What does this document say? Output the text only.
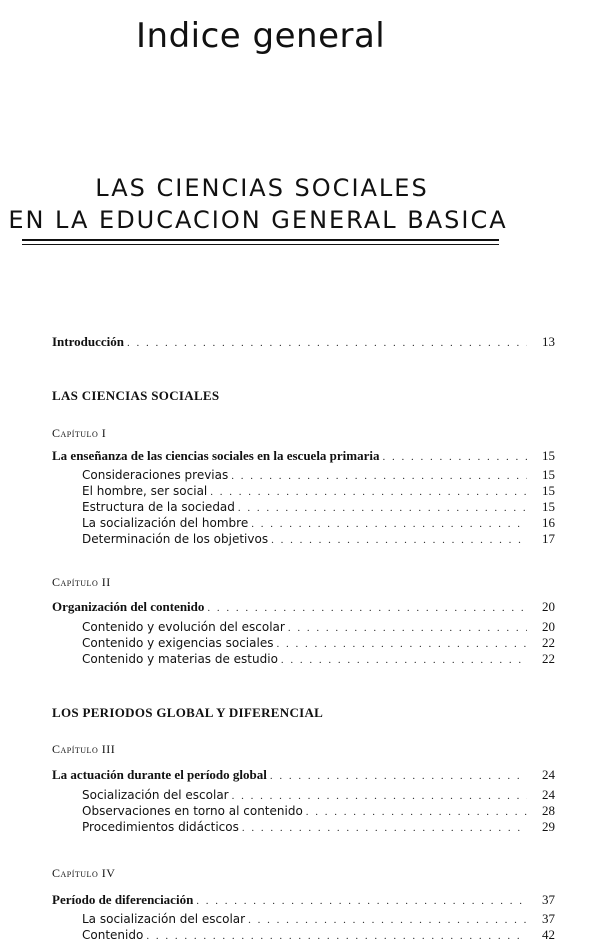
Indice general
LAS CIENCIAS SOCIALES
EN LA EDUCACION GENERAL BASICA
Introducción . . .	13
LAS CIENCIAS SOCIALES
Capítulo I
La enseñanza de las ciencias sociales en la escuela primaria . . .	15
Consideraciones previas . . .	15
El hombre, ser social . . .	15
Estructura de la sociedad . . .	15
La socialización del hombre . . .	16
Determinación de los objetivos . . .	17
Capítulo II
Organización del contenido . . .	20
Contenido y evolución del escolar . . .	20
Contenido y exigencias sociales . . .	22
Contenido y materias de estudio . . .	22
LOS PERIODOS GLOBAL Y DIFERENCIAL
Capítulo III
La actuación durante el período global . . .	24
Socialización del escolar . . .	24
Observaciones en torno al contenido . . .	28
Procedimientos didácticos . . .	29
Capítulo IV
Período de diferenciación . . .	37
La socialización del escolar . . .	37
Contenido . . .	42
